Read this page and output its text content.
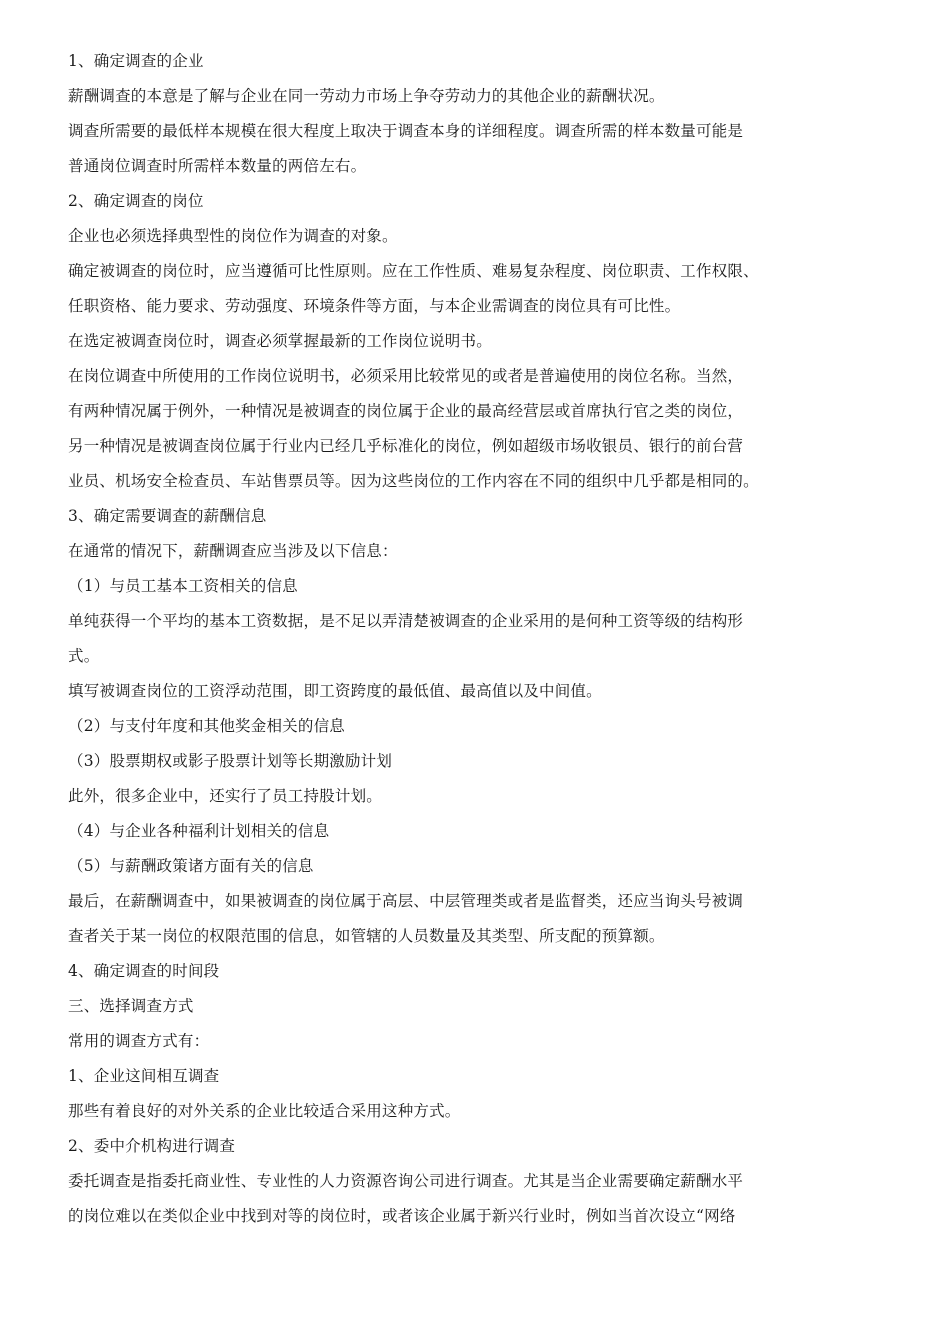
1、确定调查的企业
薪酬调查的本意是了解与企业在同一劳动力市场上争夺劳动力的其他企业的薪酬状况。
调查所需要的最低样本规模在很大程度上取决于调查本身的详细程度。调查所需的样本数量可能是
普通岗位调查时所需样本数量的两倍左右。
2、确定调查的岗位
企业也必须选择典型性的岗位作为调查的对象。
确定被调查的岗位时，应当遵循可比性原则。应在工作性质、难易复杂程度、岗位职责、工作权限、
任职资格、能力要求、劳动强度、环境条件等方面，与本企业需调查的岗位具有可比性。
在选定被调查岗位时，调查必须掌握最新的工作岗位说明书。
在岗位调查中所使用的工作岗位说明书，必须采用比较常见的或者是普遍使用的岗位名称。当然，
有两种情况属于例外，一种情况是被调查的岗位属于企业的最高经营层或首席执行官之类的岗位，
另一种情况是被调查岗位属于行业内已经几乎标准化的岗位，例如超级市场收银员、银行的前台营
业员、机场安全检查员、车站售票员等。因为这些岗位的工作内容在不同的组织中几乎都是相同的。
3、确定需要调查的薪酬信息
在通常的情况下，薪酬调查应当涉及以下信息：
（1）与员工基本工资相关的信息
单纯获得一个平均的基本工资数据，是不足以弄清楚被调查的企业采用的是何种工资等级的结构形
式。
填写被调查岗位的工资浮动范围，即工资跨度的最低值、最高值以及中间值。
（2）与支付年度和其他奖金相关的信息
（3）股票期权或影子股票计划等长期激励计划
此外，很多企业中，还实行了员工持股计划。
（4）与企业各种福利计划相关的信息
（5）与薪酬政策诸方面有关的信息
最后，在薪酬调查中，如果被调查的岗位属于高层、中层管理类或者是监督类，还应当询头号被调
查者关于某一岗位的权限范围的信息，如管辖的人员数量及其类型、所支配的预算额。
4、确定调查的时间段
三、选择调查方式
常用的调查方式有：
1、企业这间相互调查
那些有着良好的对外关系的企业比较适合采用这种方式。
2、委中介机构进行调查
委托调查是指委托商业性、专业性的人力资源咨询公司进行调查。尤其是当企业需要确定薪酬水平
的岗位难以在类似企业中找到对等的岗位时，或者该企业属于新兴行业时，例如当首次设立“网络
